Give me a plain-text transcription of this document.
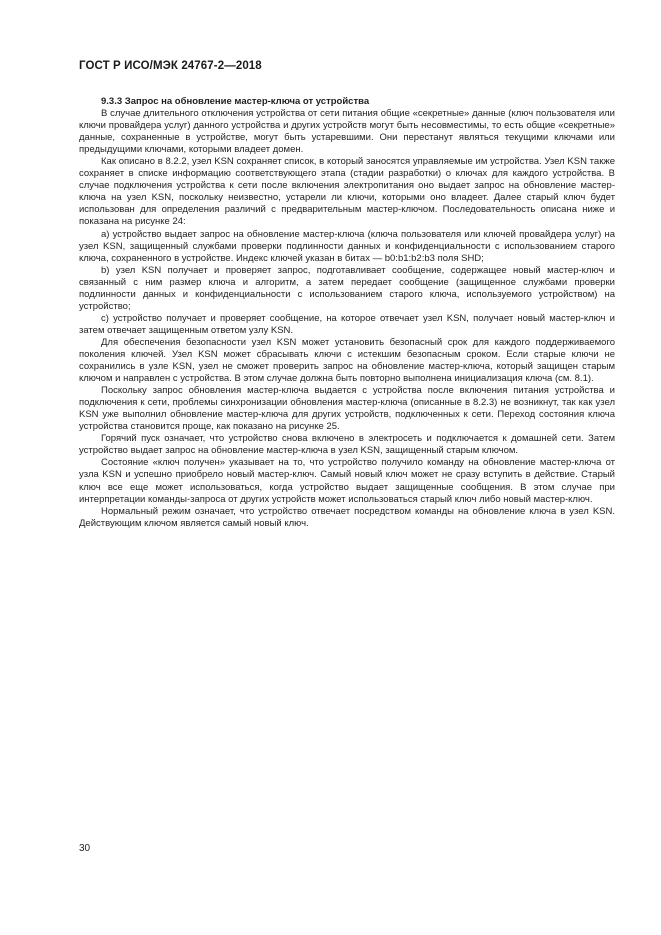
ГОСТ Р ИСО/МЭК 24767-2—2018

9.3.3 Запрос на обновление мастер-ключа от устройства

В случае длительного отключения устройства от сети питания общие «секретные» данные (ключ пользователя или ключи провайдера услуг) данного устройства и других устройств могут быть несовместимы, то есть общие «секретные» данные, сохраненные в устройстве, могут быть устаревшими. Они перестанут являться текущими ключами или предыдущими ключами, которыми владеет домен.

Как описано в 8.2.2, узел KSN сохраняет список, в который заносятся управляемые им устройства. Узел KSN также сохраняет в списке информацию соответствующего этапа (стадии разработки) о ключах для каждого устройства. В случае подключения устройства к сети после включения электропитания оно выдает запрос на обновление мастер-ключа на узел KSN, поскольку неизвестно, устарели ли ключи, которыми оно владеет. Далее старый ключ будет использован для определения различий с предварительным мастер-ключом. Последовательность описана ниже и показана на рисунке 24:

а) устройство выдает запрос на обновление мастер-ключа (ключа пользователя или ключей провайдера услуг) на узел KSN, защищенный службами проверки подлинности данных и конфиденциальности с использованием старого ключа, сохраненного в устройстве. Индекс ключей указан в битах — b0:b1:b2:b3 поля SHD;

b) узел KSN получает и проверяет запрос, подготавливает сообщение, содержащее новый мастер-ключ и связанный с ним размер ключа и алгоритм, а затем передает сообщение (защищенное службами проверки подлинности данных и конфиденциальности с использованием старого ключа, используемого устройством) на устройство;

с) устройство получает и проверяет сообщение, на которое отвечает узел KSN, получает новый мастер-ключ и затем отвечает защищенным ответом узлу KSN.

Для обеспечения безопасности узел KSN может установить безопасный срок для каждого поддерживаемого поколения ключей. Узел KSN может сбрасывать ключи с истекшим безопасным сроком. Если старые ключи не сохранились в узле KSN, узел не сможет проверить запрос на обновление мастер-ключа, который защищен старым ключом и направлен с устройства. В этом случае должна быть повторно выполнена инициализация ключа (см. 8.1).

Поскольку запрос обновления мастер-ключа выдается с устройства после включения питания устройства и подключения к сети, проблемы синхронизации обновления мастер-ключа (описанные в 8.2.3) не возникнут, так как узел KSN уже выполнил обновление мастер-ключа для других устройств, подключенных к сети. Переход состояния ключа устройства становится проще, как показано на рисунке 25.

Горячий пуск означает, что устройство снова включено в электросеть и подключается к домашней сети. Затем устройство выдает запрос на обновление мастер-ключа в узел KSN, защищенный старым ключом.

Состояние «ключ получен» указывает на то, что устройство получило команду на обновление мастер-ключа от узла KSN и успешно приобрело новый мастер-ключ. Самый новый ключ может не сразу вступить в действие. Старый ключ все еще может использоваться, когда устройство выдает защищенные сообщения. В этом случае при интерпретации команды-запроса от других устройств может использоваться старый ключ либо новый мастер-ключ.

Нормальный режим означает, что устройство отвечает посредством команды на обновление ключа в узел KSN. Действующим ключом является самый новый ключ.

30
